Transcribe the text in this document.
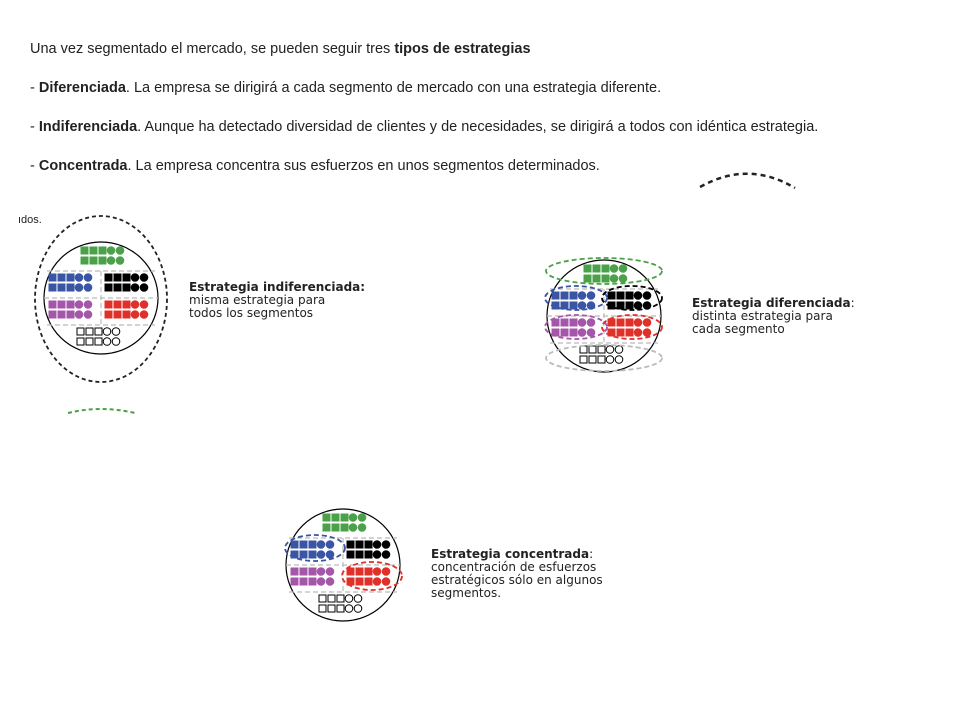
Una vez segmentado el mercado, se pueden seguir tres tipos de estrategias

- Diferenciada. La empresa se dirigirá a cada segmento de mercado con una estrategia diferente.

- Indiferenciada. Aunque ha detectado diversidad de clientes y de necesidades, se dirigirá a todos con idéntica estrategia.

- Concentrada. La empresa concentra sus esfuerzos en unos segmentos determinados.

ıdos.
Estrategia indiferenciada:
misma estrategia para
todos los segmentos
Estrategia diferenciada:
distinta estrategia para
cada segmento
Estrategia concentrada:
concentración de esfuerzos
estratégicos sólo en algunos
segmentos.
